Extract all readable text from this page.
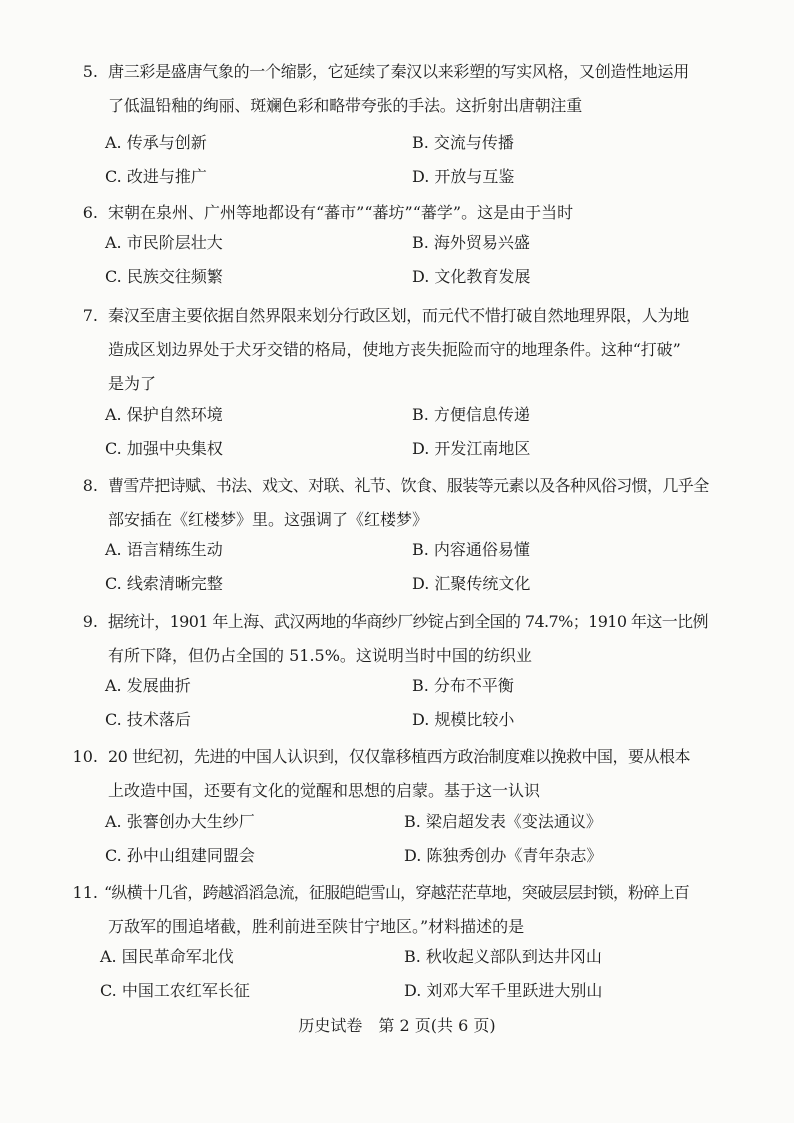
5. 唐三彩是盛唐气象的一个缩影，它延续了秦汉以来彩塑的写实风格，又创造性地运用
了低温铅釉的绚丽、斑斓色彩和略带夸张的手法。这折射出唐朝注重
A. 传承与创新	B. 交流与传播
C. 改进与推广	D. 开放与互鉴
6. 宋朝在泉州、广州等地都设有“蕃市”“蕃坊”“蕃学”。这是由于当时
A. 市民阶层壮大	B. 海外贸易兴盛
C. 民族交往频繁	D. 文化教育发展
7. 秦汉至唐主要依据自然界限来划分行政区划，而元代不惜打破自然地理界限，人为地
造成区划边界处于犬牙交错的格局，使地方丧失扼险而守的地理条件。这种“打破”
是为了
A. 保护自然环境	B. 方便信息传递
C. 加强中央集权	D. 开发江南地区
8. 曹雪芹把诗赋、书法、戏文、对联、礼节、饮食、服装等元素以及各种风俗习惯，几乎全
部安插在《红楼梦》里。这强调了《红楼梦》
A. 语言精练生动	B. 内容通俗易懂
C. 线索清晰完整	D. 汇聚传统文化
9. 据统计，1901 年上海、武汉两地的华商纱厂纱锭占到全国的 74.7%；1910 年这一比例
有所下降，但仍占全国的 51.5%。这说明当时中国的纺织业
A. 发展曲折	B. 分布不平衡
C. 技术落后	D. 规模比较小
10. 20 世纪初，先进的中国人认识到，仅仅靠移植西方政治制度难以挽救中国，要从根本
上改造中国，还要有文化的觉醒和思想的启蒙。基于这一认识
A. 张謇创办大生纱厂	B. 梁启超发表《变法通议》
C. 孙中山组建同盟会	D. 陈独秀创办《青年杂志》
11. “纵横十几省，跨越滔滔急流，征服皑皑雪山，穿越茫茫草地，突破层层封锁，粉碎上百
万敌军的围追堵截，胜利前进至陕甘宁地区。”材料描述的是
A. 国民革命军北伐	B. 秋收起义部队到达井冈山
C. 中国工农红军长征	D. 刘邓大军千里跃进大别山
历史试卷　第 2 页(共 6 页)
